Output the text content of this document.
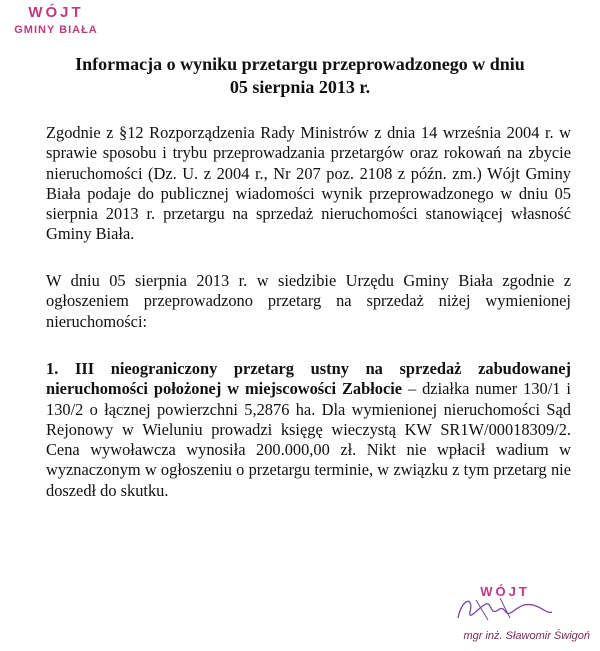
WÓJT
GMINY BIAŁA
Informacja o wyniku przetargu przeprowadzonego w dniu
05 sierpnia 2013 r.

Zgodnie z §12 Rozporządzenia Rady Ministrów z dnia 14 września 2004 r. w sprawie sposobu i trybu przeprowadzania przetargów oraz rokowań na zbycie nieruchomości (Dz. U. z 2004 r., Nr 207 poz. 2108 z późn. zm.) Wójt Gminy Biała podaje do publicznej wiadomości wynik przeprowadzonego w dniu 05 sierpnia 2013 r. przetargu na sprzedaż nieruchomości stanowiącej własność Gminy Biała.

W dniu 05 sierpnia 2013 r. w siedzibie Urzędu Gminy Biała zgodnie z ogłoszeniem przeprowadzono przetarg na sprzedaż niżej wymienionej nieruchomości:

1. III nieograniczony przetarg ustny na sprzedaż zabudowanej nieruchomości położonej w miejscowości Zabłocie – działka numer 130/1 i 130/2 o łącznej powierzchni 5,2876 ha. Dla wymienionej nieruchomości Sąd Rejonowy w Wieluniu prowadzi księgę wieczystą KW SR1W/00018309/2. Cena wywoławcza wynosiła 200.000,00 zł. Nikt nie wpłacił wadium w wyznaczonym w ogłoszeniu o przetargu terminie, w związku z tym przetarg nie doszedł do skutku.

WÓJT
mgr inż. Sławomir Świgoń
